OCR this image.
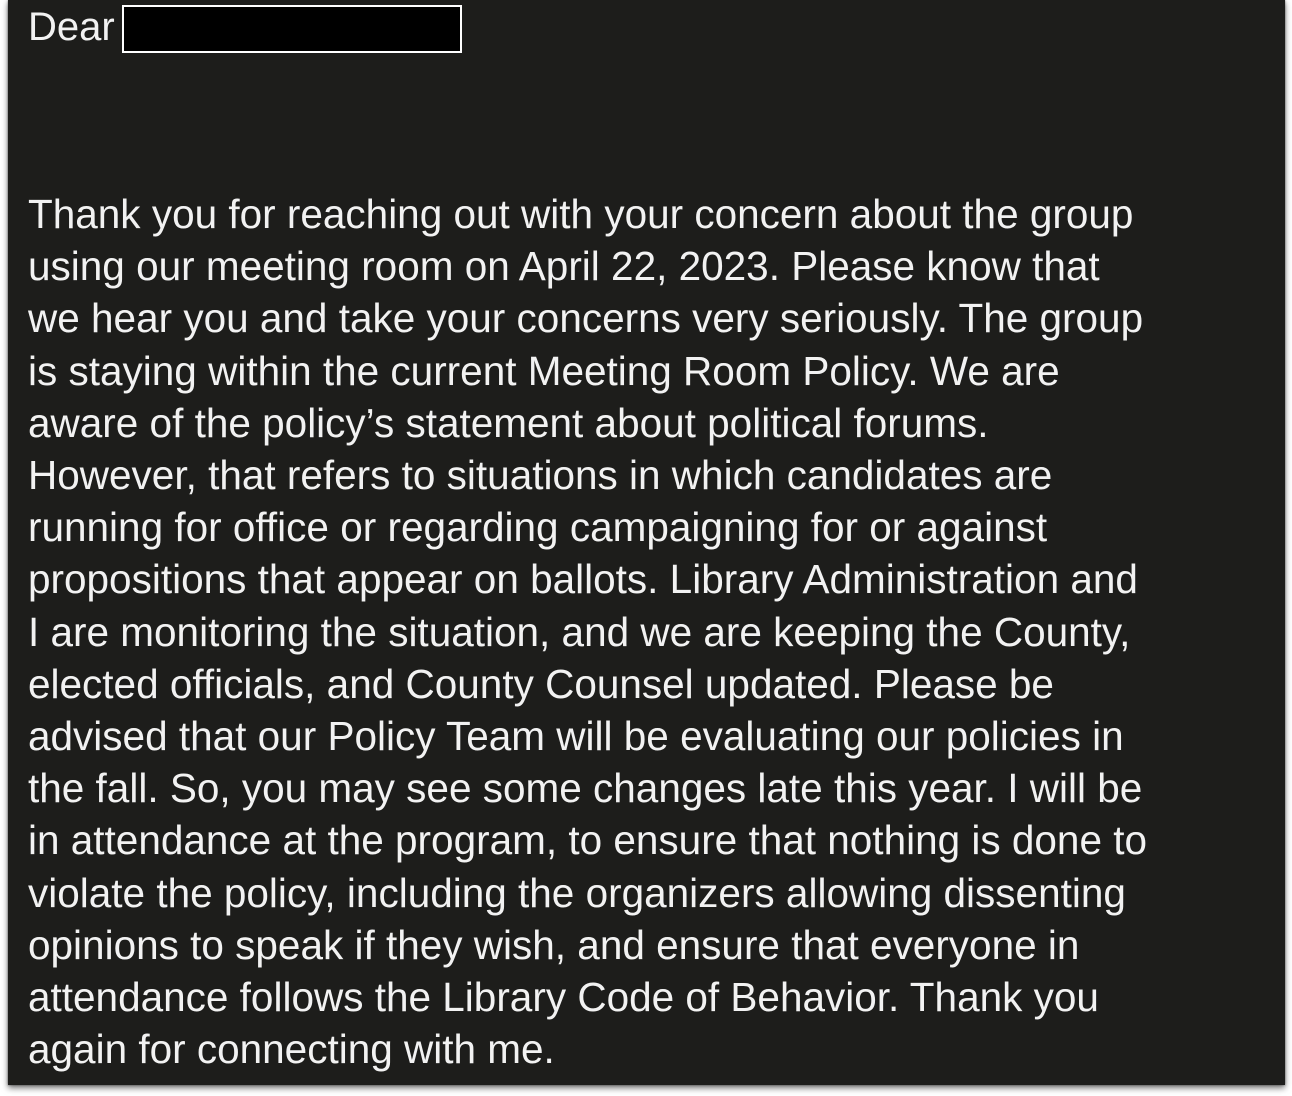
Dear

Thank you for reaching out with your concern about the group
using our meeting room on April 22, 2023. Please know that
we hear you and take your concerns very seriously. The group
is staying within the current Meeting Room Policy. We are
aware of the policy’s statement about political forums.
However, that refers to situations in which candidates are
running for office or regarding campaigning for or against
propositions that appear on ballots. Library Administration and
I are monitoring the situation, and we are keeping the County,
elected officials, and County Counsel updated. Please be
advised that our Policy Team will be evaluating our policies in
the fall. So, you may see some changes late this year. I will be
in attendance at the program, to ensure that nothing is done to
violate the policy, including the organizers allowing dissenting
opinions to speak if they wish, and ensure that everyone in
attendance follows the Library Code of Behavior. Thank you
again for connecting with me.
